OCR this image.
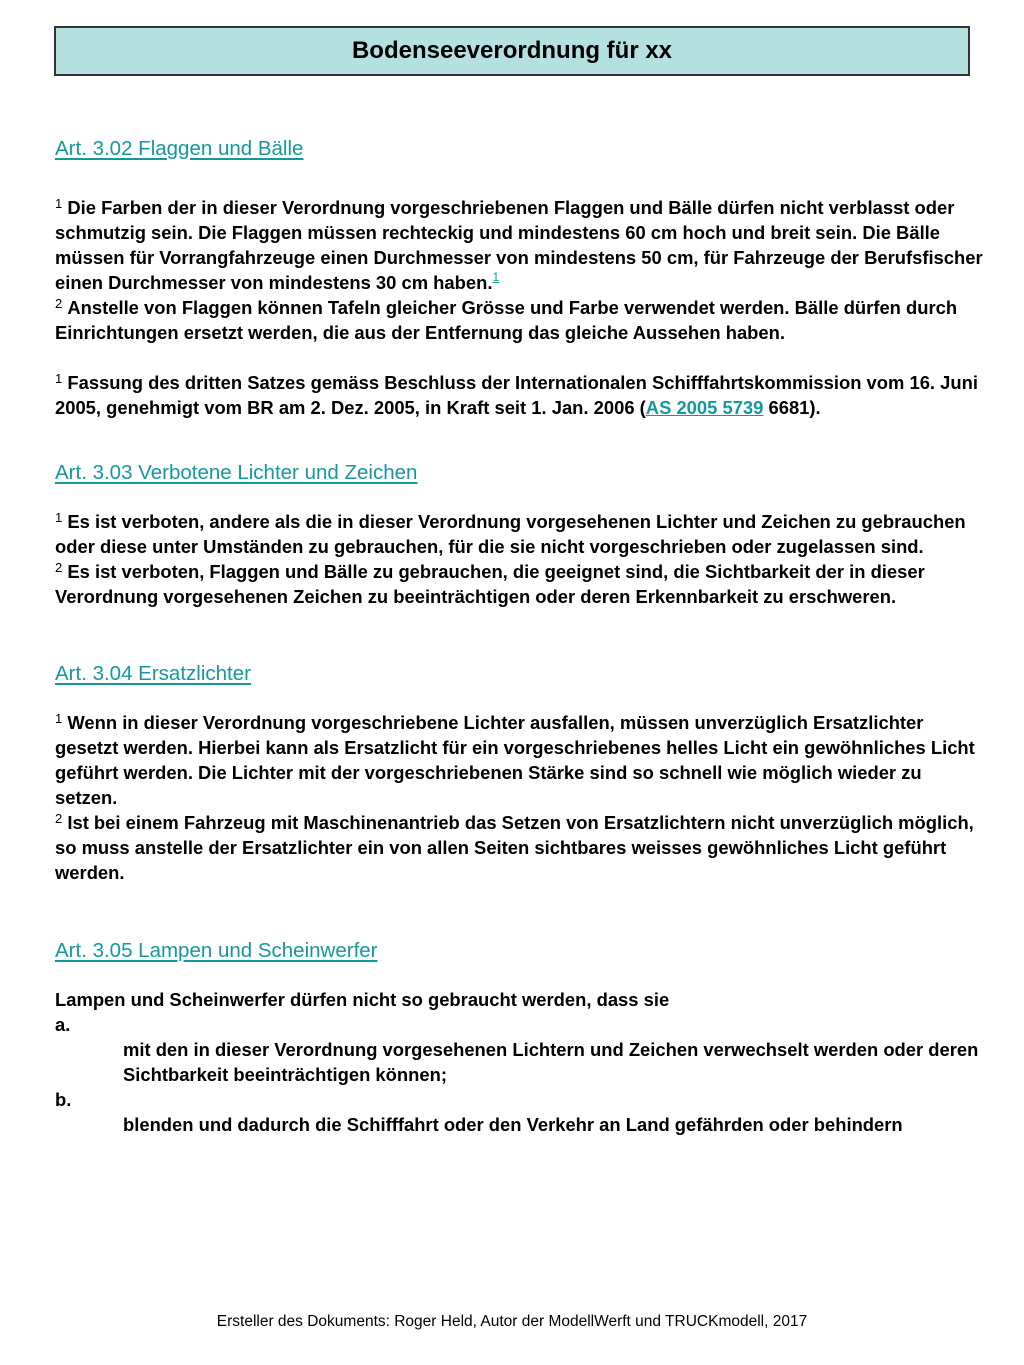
Bodenseeverordnung für xx
Art. 3.02 Flaggen und Bälle

$^1$ Die Farben der in dieser Verordnung vorgeschriebenen Flaggen und Bälle dürfen nicht verblasst oder schmutzig sein. Die Flaggen müssen rechteckig und mindestens 60 cm hoch und breit sein. Die Bälle müssen für Vorrangfahrzeuge einen Durchmesser von mindestens 50 cm, für Fahrzeuge der Berufsfischer einen Durchmesser von mindestens 30 cm haben.$^1$

$^2$ Anstelle von Flaggen können Tafeln gleicher Grösse und Farbe verwendet werden. Bälle dürfen durch Einrichtungen ersetzt werden, die aus der Entfernung das gleiche Aussehen haben.

$^1$ Fassung des dritten Satzes gemäss Beschluss der Internationalen Schifffahrtskommission vom 16. Juni 2005, genehmigt vom BR am 2. Dez. 2005, in Kraft seit 1. Jan. 2006 (AS 2005 5739 6681).

Art. 3.03 Verbotene Lichter und Zeichen

$^1$ Es ist verboten, andere als die in dieser Verordnung vorgesehenen Lichter und Zeichen zu gebrauchen oder diese unter Umständen zu gebrauchen, für die sie nicht vorgeschrieben oder zugelassen sind.

$^2$ Es ist verboten, Flaggen und Bälle zu gebrauchen, die geeignet sind, die Sichtbarkeit der in dieser Verordnung vorgesehenen Zeichen zu beeinträchtigen oder deren Erkennbarkeit zu erschweren.

Art. 3.04 Ersatzlichter

$^1$ Wenn in dieser Verordnung vorgeschriebene Lichter ausfallen, müssen unverzüglich Ersatzlichter gesetzt werden. Hierbei kann als Ersatzlicht für ein vorgeschriebenes helles Licht ein gewöhnliches Licht geführt werden. Die Lichter mit der vorgeschriebenen Stärke sind so schnell wie möglich wieder zu setzen.

$^2$ Ist bei einem Fahrzeug mit Maschinenantrieb das Setzen von Ersatzlichtern nicht unverzüglich möglich, so muss anstelle der Ersatzlichter ein von allen Seiten sichtbares weisses gewöhnliches Licht geführt werden.

Art. 3.05 Lampen und Scheinwerfer

Lampen und Scheinwerfer dürfen nicht so gebraucht werden, dass sie

a.
mit den in dieser Verordnung vorgesehenen Lichtern und Zeichen verwechselt werden oder deren Sichtbarkeit beeinträchtigen können;
b.
blenden und dadurch die Schifffahrt oder den Verkehr an Land gefährden oder behindern
Ersteller des Dokuments: Roger Held, Autor der ModellWerft und TRUCKmodell, 2017
